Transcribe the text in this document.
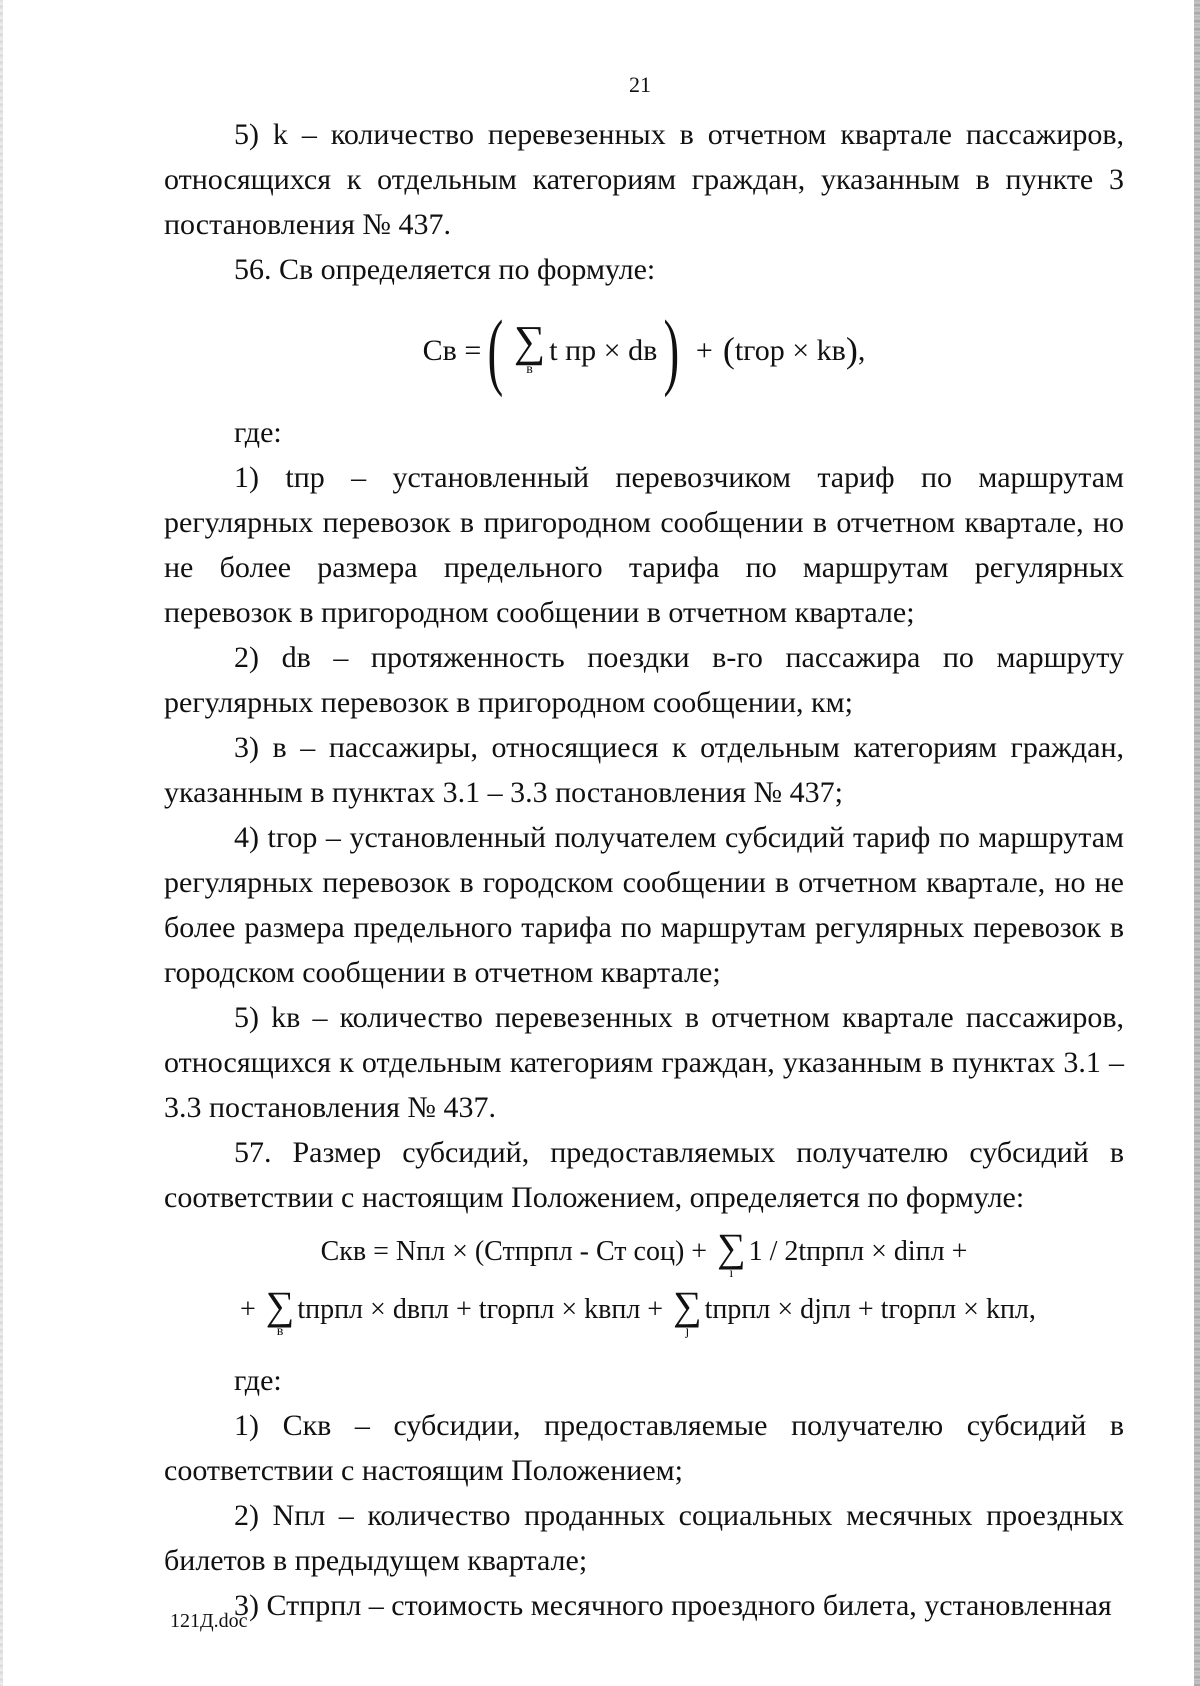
21

5) k – количество перевезенных в отчетном квартале пассажиров, относящихся к отдельным категориям граждан, указанным в пункте 3 постановления № 437.

56. Св определяется по формуле:

Св = ( ∑
в
t пр × dв ) + ( tгор × kв ) ,

где:

1) tпр – установленный перевозчиком тариф по маршрутам регулярных перевозок в пригородном сообщении в отчетном квартале, но не более размера предельного тарифа по маршрутам регулярных перевозок в пригородном сообщении в отчетном квартале;

2) dв – протяженность поездки в-го пассажира по маршруту регулярных перевозок в пригородном сообщении, км;

3) в – пассажиры, относящиеся к отдельным категориям граждан, указанным в пунктах 3.1 – 3.3 постановления № 437;

4) tгор – установленный получателем субсидий тариф по маршрутам регулярных перевозок в городском сообщении в отчетном квартале, но не более размера предельного тарифа по маршрутам регулярных перевозок в городском сообщении в отчетном квартале;

5) kв – количество перевезенных в отчетном квартале пассажиров, относящихся к отдельным категориям граждан, указанным в пунктах 3.1 – 3.3 постановления № 437.

57. Размер субсидий, предоставляемых получателю субсидий в соответствии с настоящим Положением, определяется по формуле:

Скв = Nпл × (Стпрпл - Ст соц) + ∑
i
1 / 2tпрпл × diпл +
+ ∑
в
tпрпл × dвпл + tгорпл × kвпл + ∑
j
tпрпл × djпл + tгорпл × kпл,

где:

1) Скв – субсидии, предоставляемые получателю субсидий в соответствии с настоящим Положением;

2) Nпл – количество проданных социальных месячных проездных билетов в предыдущем квартале;

3) Стпрпл – стоимость месячного проездного билета, установленная

121Д.doc
